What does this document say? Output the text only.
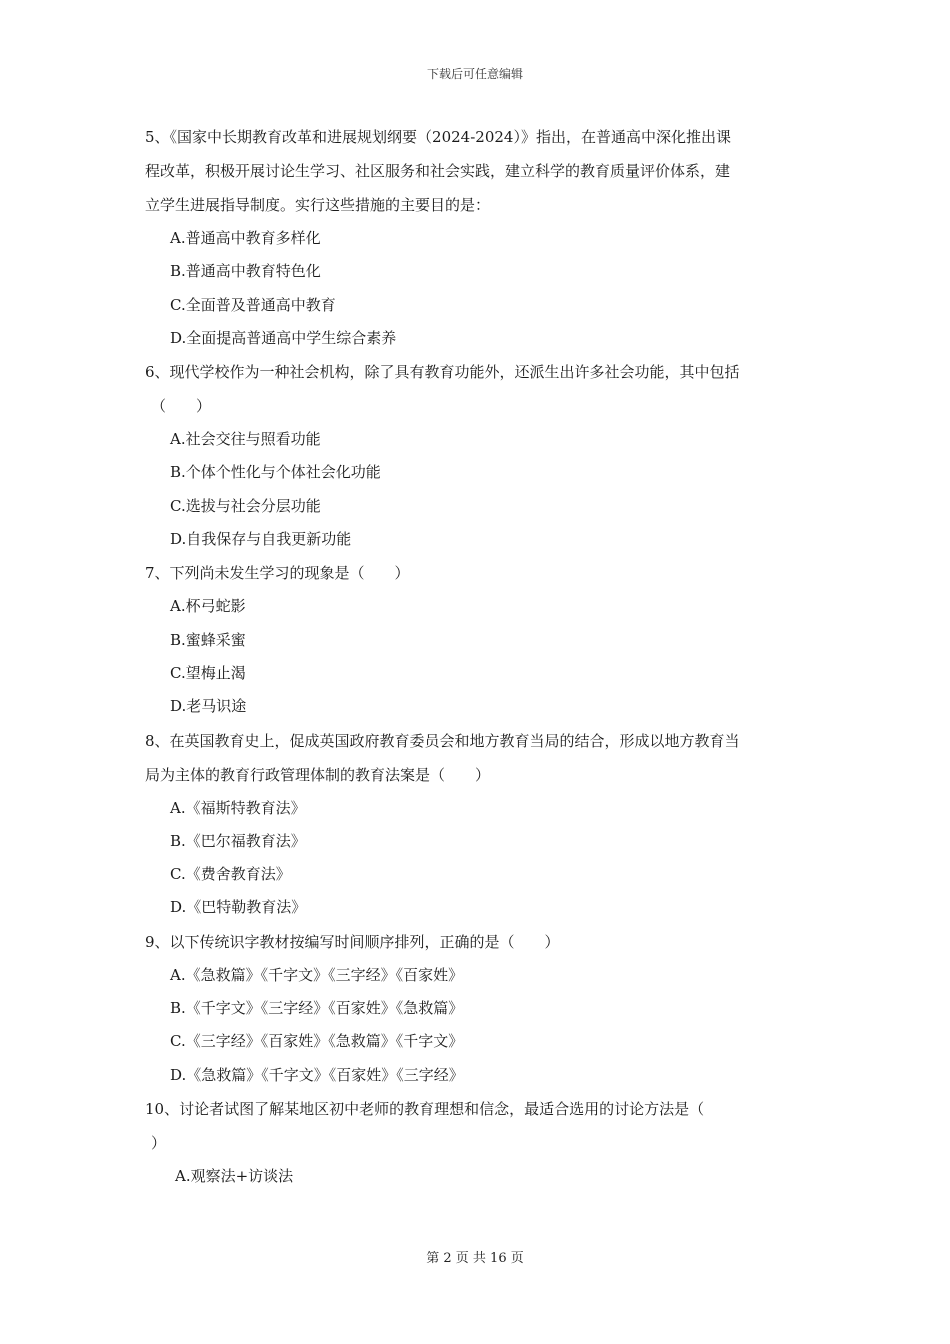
下载后可任意编辑
5、《国家中长期教育改革和进展规划纲要（2024-2024）》指出，在普通高中深化推出课
程改革，积极开展讨论生学习、社区服务和社会实践，建立科学的教育质量评价体系，建
立学生进展指导制度。实行这些措施的主要目的是：
A.普通高中教育多样化
B.普通高中教育特色化
C.全面普及普通高中教育
D.全面提高普通高中学生综合素养
6、现代学校作为一种社会机构，除了具有教育功能外，还派生出许多社会功能，其中包括
（　　）
A.社会交往与照看功能
B.个体个性化与个体社会化功能
C.选拔与社会分层功能
D.自我保存与自我更新功能
7、下列尚未发生学习的现象是（　　）
A.杯弓蛇影
B.蜜蜂采蜜
C.望梅止渴
D.老马识途
8、在英国教育史上，促成英国政府教育委员会和地方教育当局的结合，形成以地方教育当
局为主体的教育行政管理体制的教育法案是（　　）
A.《福斯特教育法》
B.《巴尔福教育法》
C.《费舍教育法》
D.《巴特勒教育法》
9、以下传统识字教材按编写时间顺序排列，正确的是（　　）
A.《急救篇》《千字文》《三字经》《百家姓》
B.《千字文》《三字经》《百家姓》《急救篇》
C.《三字经》《百家姓》《急救篇》《千字文》
D.《急救篇》《千字文》《百家姓》《三字经》
10、讨论者试图了解某地区初中老师的教育理想和信念，最适合选用的讨论方法是（
）
A.观察法+访谈法
第 2 页 共 16 页
